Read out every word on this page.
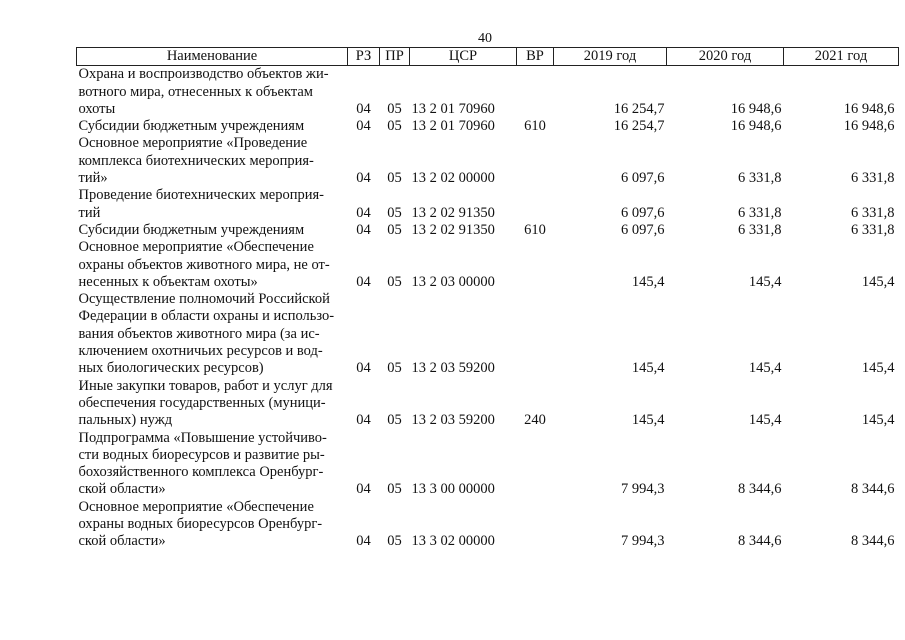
40
Наименование	РЗ	ПР	ЦСР	ВР	2019 год	2020 год	2021 год

Охрана и воспроизводство объектов жи-
вотного мира, отнесенных к объектам
охоты	04	05	13 2 01 70960		16 254,7	16 948,6	16 948,6

Субсидии бюджетным учреждениям	04	05	13 2 01 70960	610	16 254,7	16 948,6	16 948,6

Основное мероприятие «Проведение
комплекса биотехнических мероприя-
тий»	04	05	13 2 02 00000		6 097,6	6 331,8	6 331,8

Проведение биотехнических мероприя-
тий	04	05	13 2 02 91350		6 097,6	6 331,8	6 331,8

Субсидии бюджетным учреждениям	04	05	13 2 02 91350	610	6 097,6	6 331,8	6 331,8

Основное мероприятие «Обеспечение
охраны объектов животного мира, не от-
несенных к объектам охоты»	04	05	13 2 03 00000		145,4	145,4	145,4

Осуществление полномочий Российской
Федерации в области охраны и использо-
вания объектов животного мира (за ис-
ключением охотничьих ресурсов и вод-
ных биологических ресурсов)	04	05	13 2 03 59200		145,4	145,4	145,4

Иные закупки товаров, работ и услуг для
обеспечения государственных (муници-
пальных) нужд	04	05	13 2 03 59200	240	145,4	145,4	145,4

Подпрограмма «Повышение устойчиво-
сти водных биоресурсов и развитие ры-
бохозяйственного комплекса Оренбург-
ской области»	04	05	13 3 00 00000		7 994,3	8 344,6	8 344,6

Основное мероприятие «Обеспечение
охраны водных биоресурсов Оренбург-
ской области»	04	05	13 3 02 00000		7 994,3	8 344,6	8 344,6
